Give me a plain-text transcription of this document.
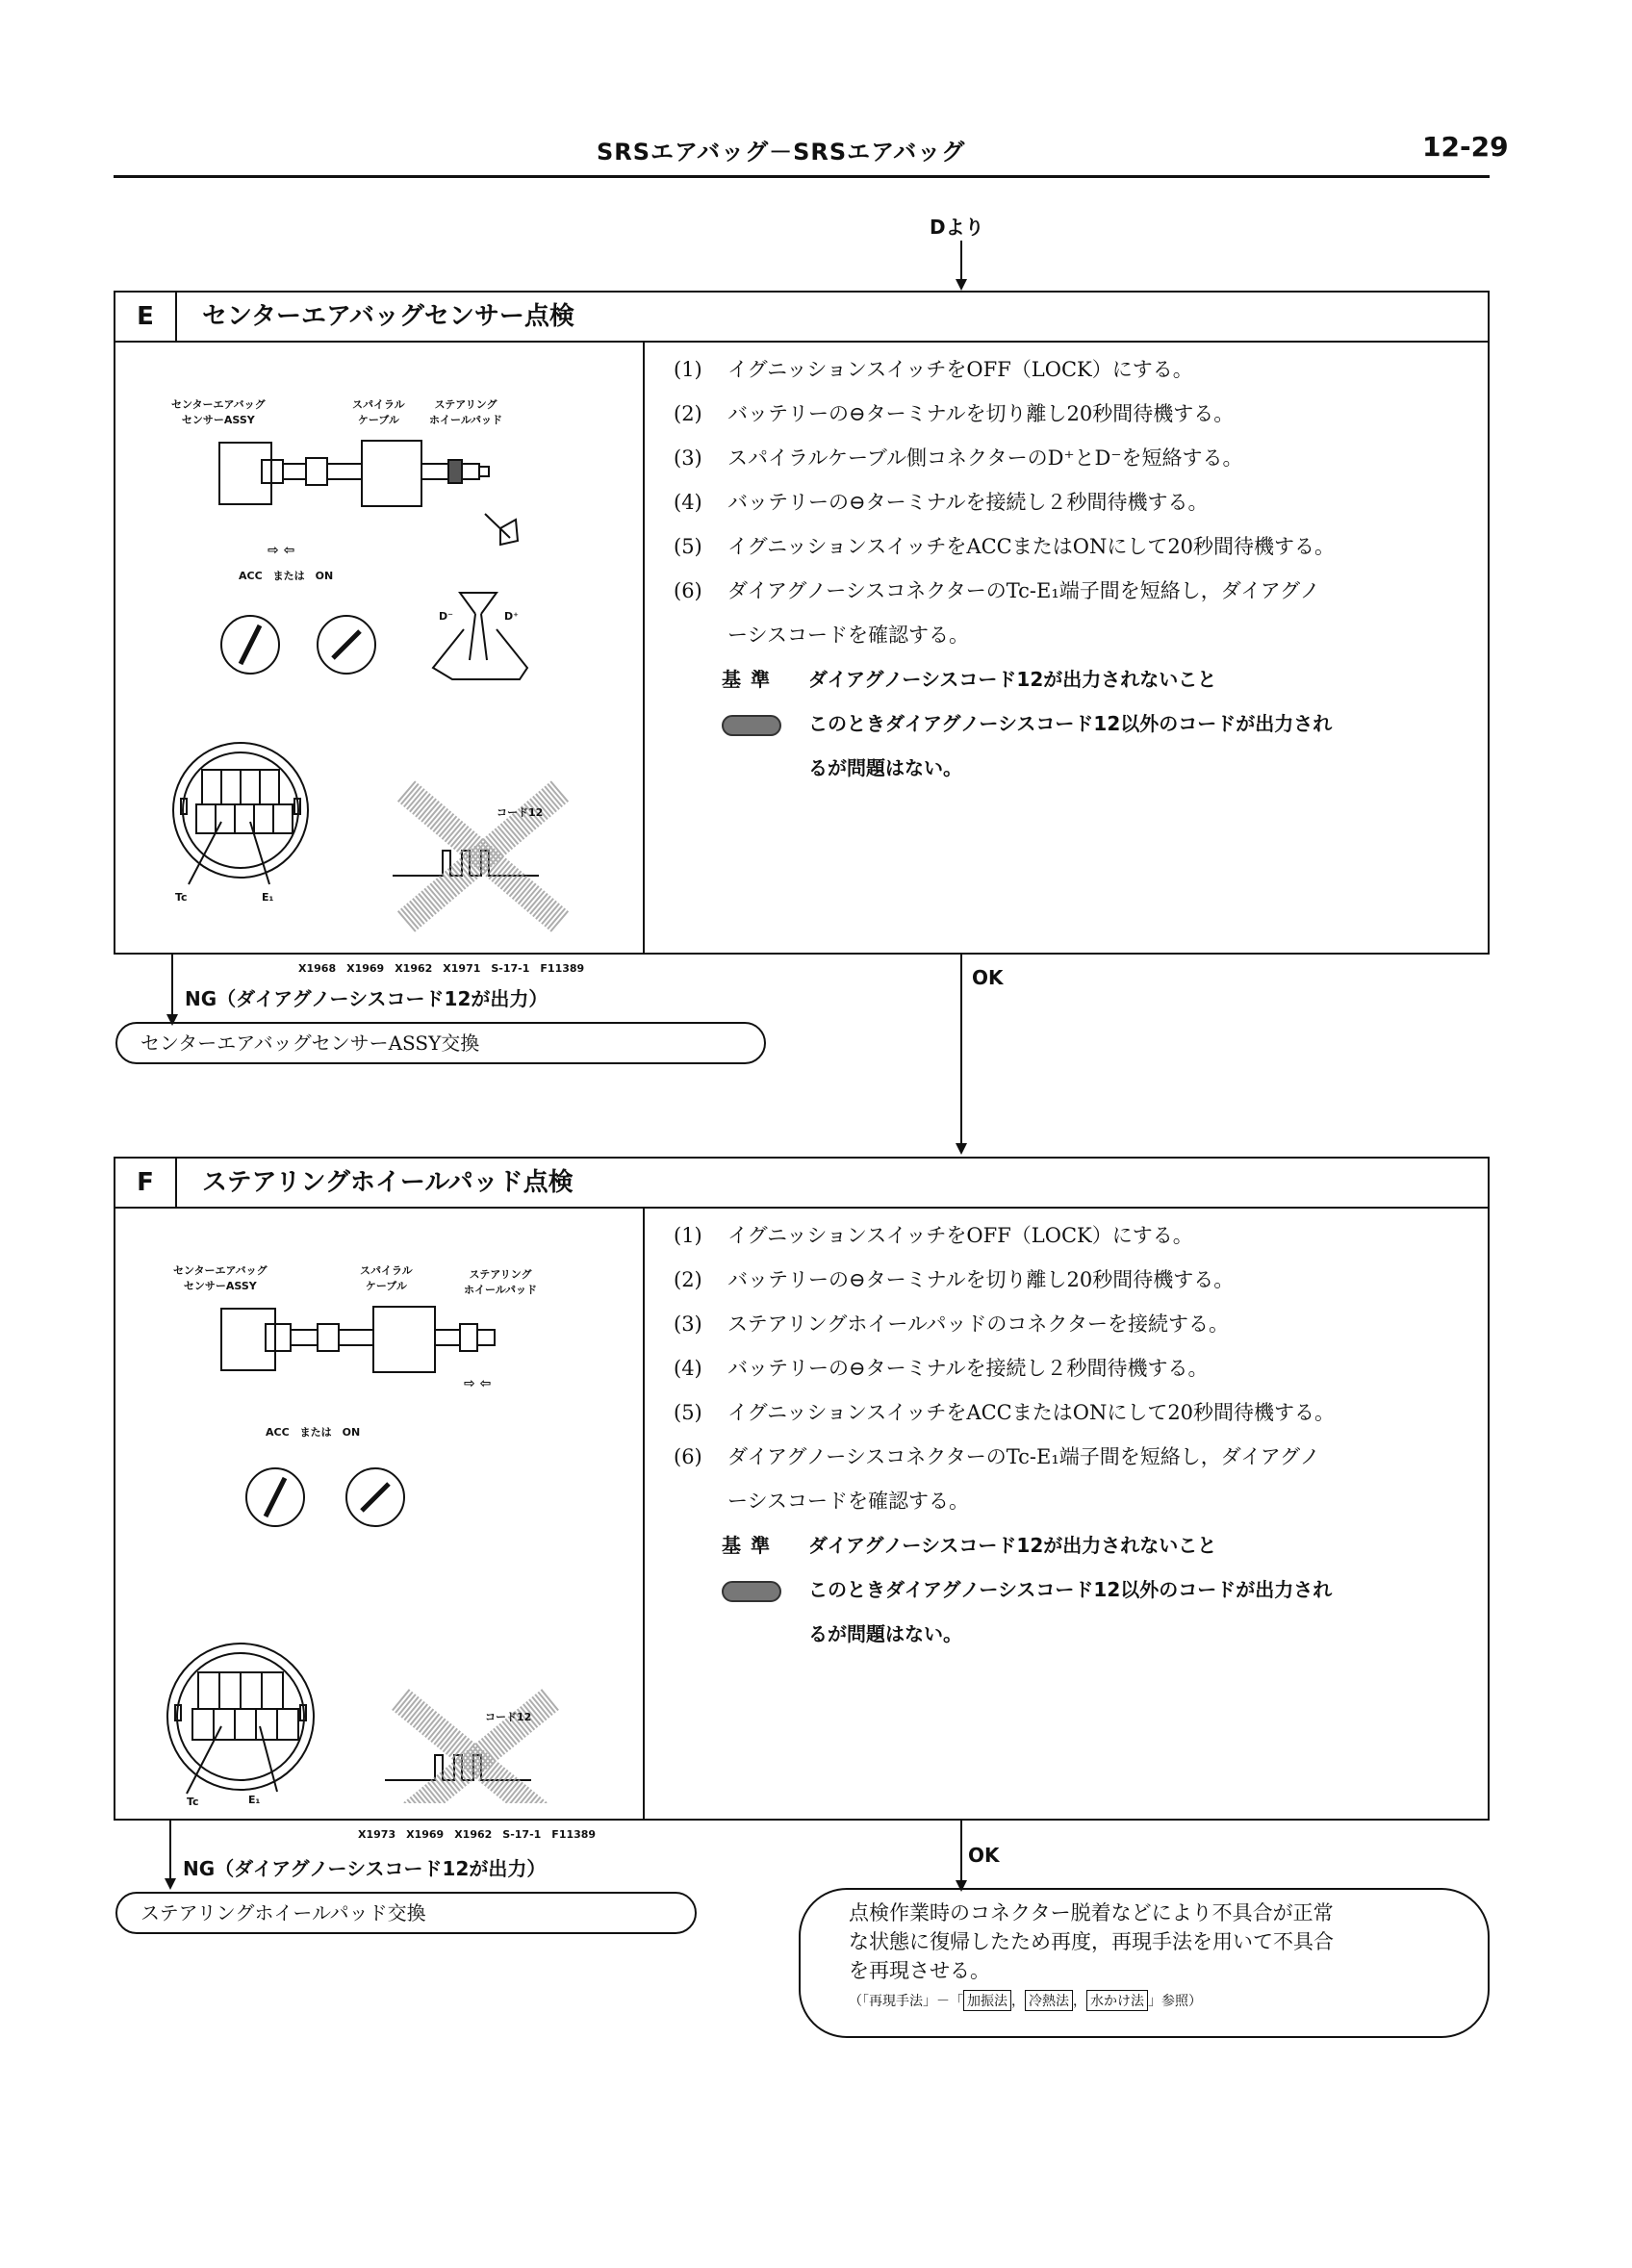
SRSエアバッグ－SRSエアバッグ	12-29
Dより
E	センターエアバッグセンサー点検
センターエアバッグ
センサーASSY
スパイラル
ケーブル
ステアリング
ホイールパッド
⇨ ⇦
ACC　または　ON
D⁻	D⁺
コード12
Tc	E₁
(1) イグニッションスイッチをOFF（LOCK）にする。
(2) バッテリーの⊖ターミナルを切り離し20秒間待機する。
(3) スパイラルケーブル側コネクターのD⁺とD⁻を短絡する。
(4) バッテリーの⊖ターミナルを接続し２秒間待機する。
(5) イグニッションスイッチをACCまたはONにして20秒間待機する。
(6) ダイアグノーシスコネクターのTc-E₁端子間を短絡し，ダイアグノ
ーシスコードを確認する。
基準 ダイアグノーシスコード12が出力されないこと
このときダイアグノーシスコード12以外のコードが出力され
るが問題はない。
X1968　X1969　X1962　X1971　S-17-1　F11389
NG（ダイアグノーシスコード12が出力）
センターエアバッグセンサーASSY交換
OK
F	ステアリングホイールパッド点検
センターエアバッグ
センサーASSY
スパイラル
ケーブル
ステアリング
ホイールパッド
⇨ ⇦
ACC　または　ON
コード12
Tc	E₁
(1) イグニッションスイッチをOFF（LOCK）にする。
(2) バッテリーの⊖ターミナルを切り離し20秒間待機する。
(3) ステアリングホイールパッドのコネクターを接続する。
(4) バッテリーの⊖ターミナルを接続し２秒間待機する。
(5) イグニッションスイッチをACCまたはONにして20秒間待機する。
(6) ダイアグノーシスコネクターのTc-E₁端子間を短絡し，ダイアグノ
ーシスコードを確認する。
基準 ダイアグノーシスコード12が出力されないこと
このときダイアグノーシスコード12以外のコードが出力され
るが問題はない。
X1973　X1969　X1962　S-17-1　F11389
NG（ダイアグノーシスコード12が出力）
ステアリングホイールパッド交換
OK
点検作業時のコネクター脱着などにより不具合が正常
な状態に復帰したため再度，再現手法を用いて不具合
を再現させる。
（「再現手法」－「 加振法 ， 冷熱法 ， 水かけ法 」参照）
